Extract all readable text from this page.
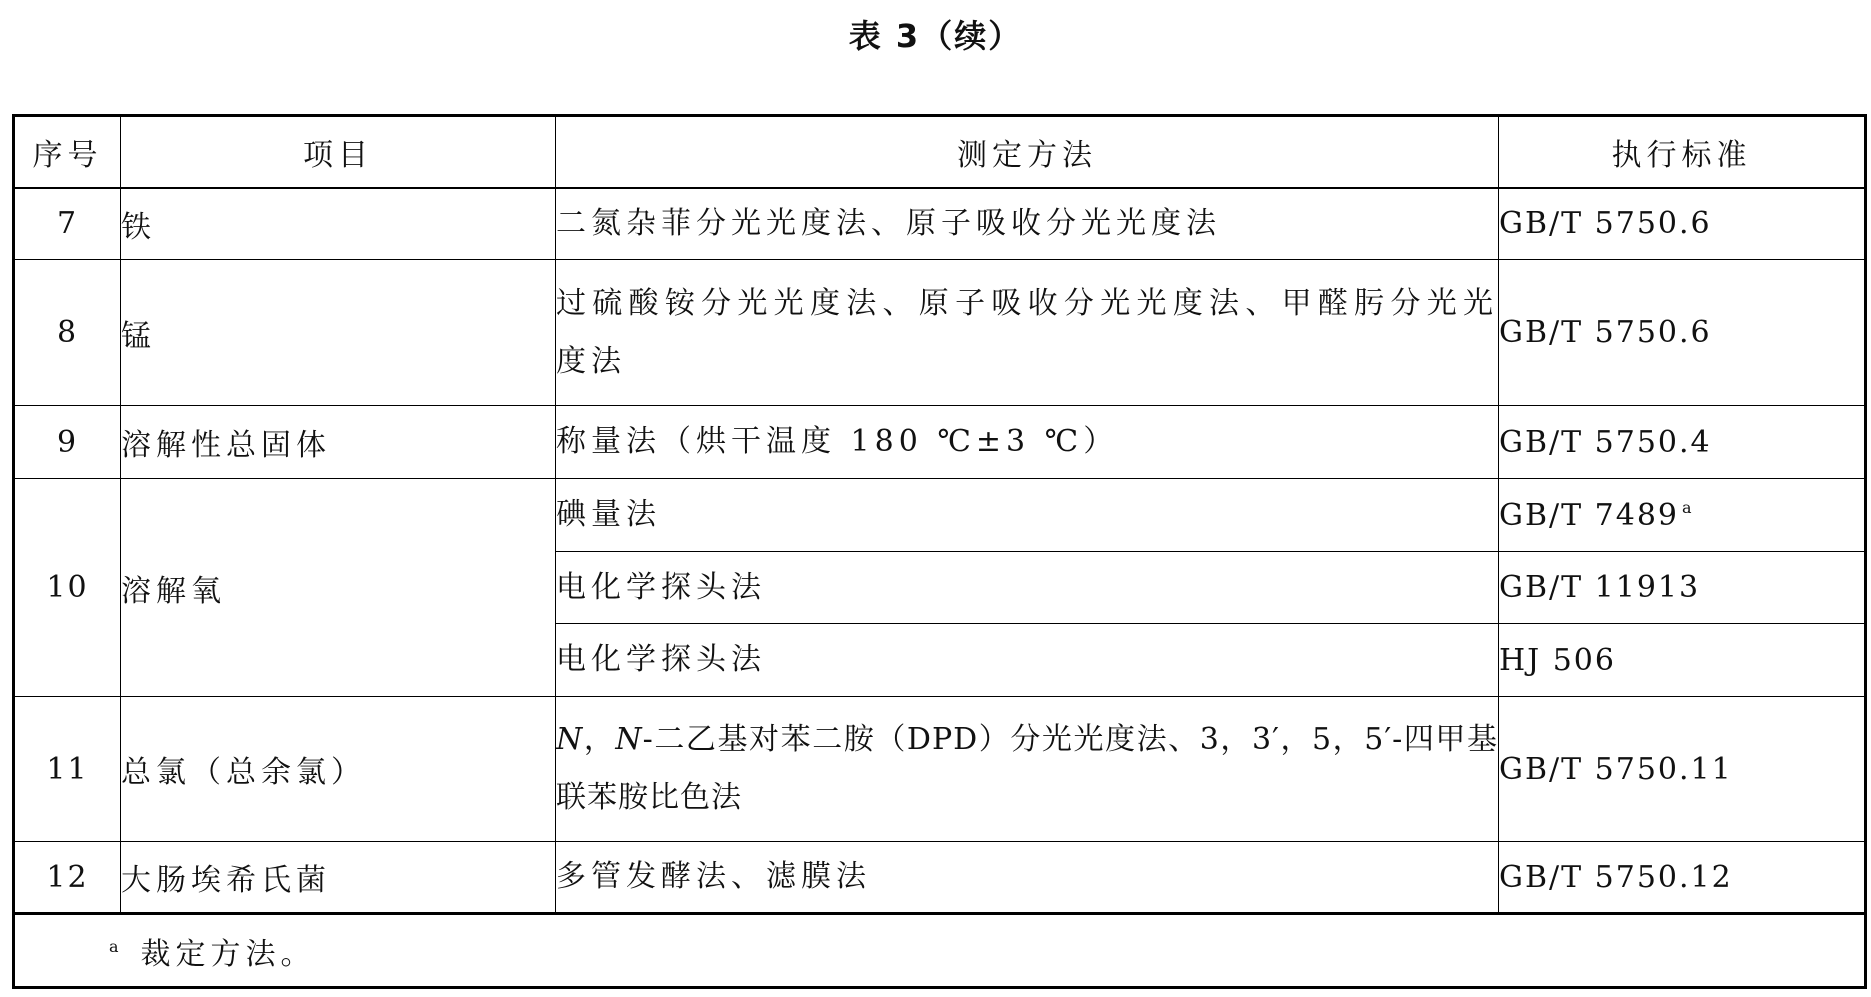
表 3（续）
序号	项目	测定方法	执行标准
7	铁	二氮杂菲分光光度法、原子吸收分光光度法	GB/T 5750.6
8	锰	过硫酸铵分光光度法、原子吸收分光光度法、甲醛肟分光光度法	GB/T 5750.6
9	溶解性总固体	称量法（烘干温度 180 ℃±3 ℃）	GB/T 5750.4
10	溶解氧	碘量法	GB/T 7489 $^a$
		电化学探头法	GB/T 11913
		电化学探头法	HJ 506
11	总氯（总余氯）	N，N-二乙基对苯二胺（DPD）分光光度法、3，3′，5，5′-四甲基联苯胺比色法	GB/T 5750.11
12	大肠埃希氏菌	多管发酵法、滤膜法	GB/T 5750.12
$^a$ 裁定方法。			
